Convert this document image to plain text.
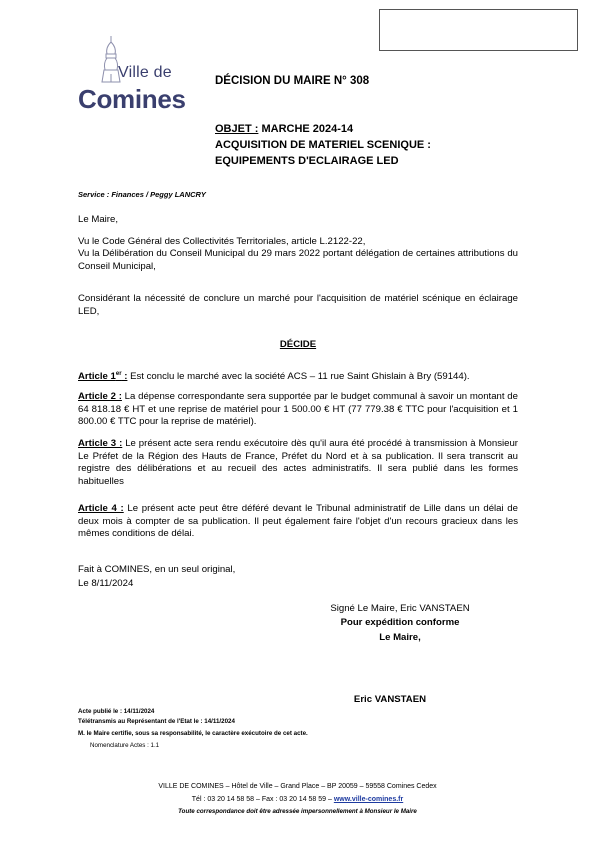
Ville de
Comines
DÉCISION DU MAIRE N° 308
OBJET : MARCHE 2024-14
ACQUISITION DE MATERIEL SCENIQUE :
EQUIPEMENTS D'ECLAIRAGE LED
Service : Finances / Peggy LANCRY
Le Maire,
Vu le Code Général des Collectivités Territoriales, article L.2122-22,
Vu la Délibération du Conseil Municipal du 29 mars 2022 portant délégation de certaines attributions du Conseil Municipal,
Considérant la nécessité de conclure un marché pour l'acquisition de matériel scénique en éclairage LED,
DÉCIDE
Article 1er : Est conclu le marché avec la société ACS – 11 rue Saint Ghislain à Bry (59144).
Article 2 : La dépense correspondante sera supportée par le budget communal à savoir un montant de 64 818.18 € HT et une reprise de matériel pour 1 500.00 € HT (77 779.38 € TTC pour l'acquisition et 1 800.00 € TTC pour la reprise de matériel).
Article 3 : Le présent acte sera rendu exécutoire dès qu'il aura été procédé à transmission à Monsieur Le Préfet de la Région des Hauts de France, Préfet du Nord et à sa publication. Il sera transcrit au registre des délibérations et au recueil des actes administratifs. Il sera publié dans les formes habituelles
Article 4 : Le présent acte peut être déféré devant le Tribunal administratif de Lille dans un délai de deux mois à compter de sa publication. Il peut également faire l'objet d'un recours gracieux dans les mêmes conditions de délai.
Fait à COMINES, en un seul original,
Le 8/11/2024
Signé Le Maire, Eric VANSTAEN
Pour expédition conforme
Le Maire,
Eric VANSTAEN
Acte publié le : 14/11/2024
Télétransmis au Représentant de l'Etat le : 14/11/2024
M. le Maire certifie, sous sa responsabilité, le caractère exécutoire de cet acte.
Nomenclature Actes : 1.1
VILLE DE COMINES – Hôtel de Ville – Grand Place – BP 20059 – 59558 Comines Cedex
Tél : 03 20 14 58 58 – Fax : 03 20 14 58 59 – www.ville-comines.fr
Toute correspondance doit être adressée impersonnellement à Monsieur le Maire
